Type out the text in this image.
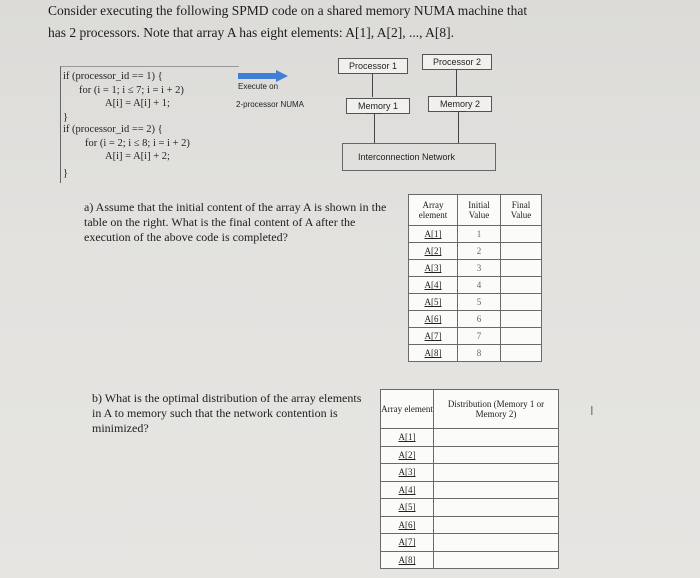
Consider executing the following SPMD code on a shared memory NUMA machine that
has 2 processors. Note that array A has eight elements: A[1], A[2], ..., A[8].
if (processor_id == 1) {
for (i = 1; i ≤ 7; i = i + 2)
A[i] = A[i] + 1;
}
if (processor_id == 2) {
for (i = 2; i ≤ 8; i = i + 2)
A[i] = A[i] + 2;
}
Execute on
2-processor NUMA
Processor 1	Processor 2
Memory 1	Memory 2
Interconnection Network
a) Assume that the initial content of the array A is shown in the table on the right. What is the final content of A after the execution of the above code is completed?
Array element	Initial Value	Final Value
A[1]	1	
A[2]	2	
A[3]	3	
A[4]	4	
A[5]	5	
A[6]	6	
A[7]	7	
A[8]	8	
b) What is the optimal distribution of the array elements in A to memory such that the network contention is minimized?
Array element	Distribution (Memory 1 or Memory 2)
A[1]	
A[2]	
A[3]	
A[4]	
A[5]	
A[6]	
A[7]	
A[8]	
I
